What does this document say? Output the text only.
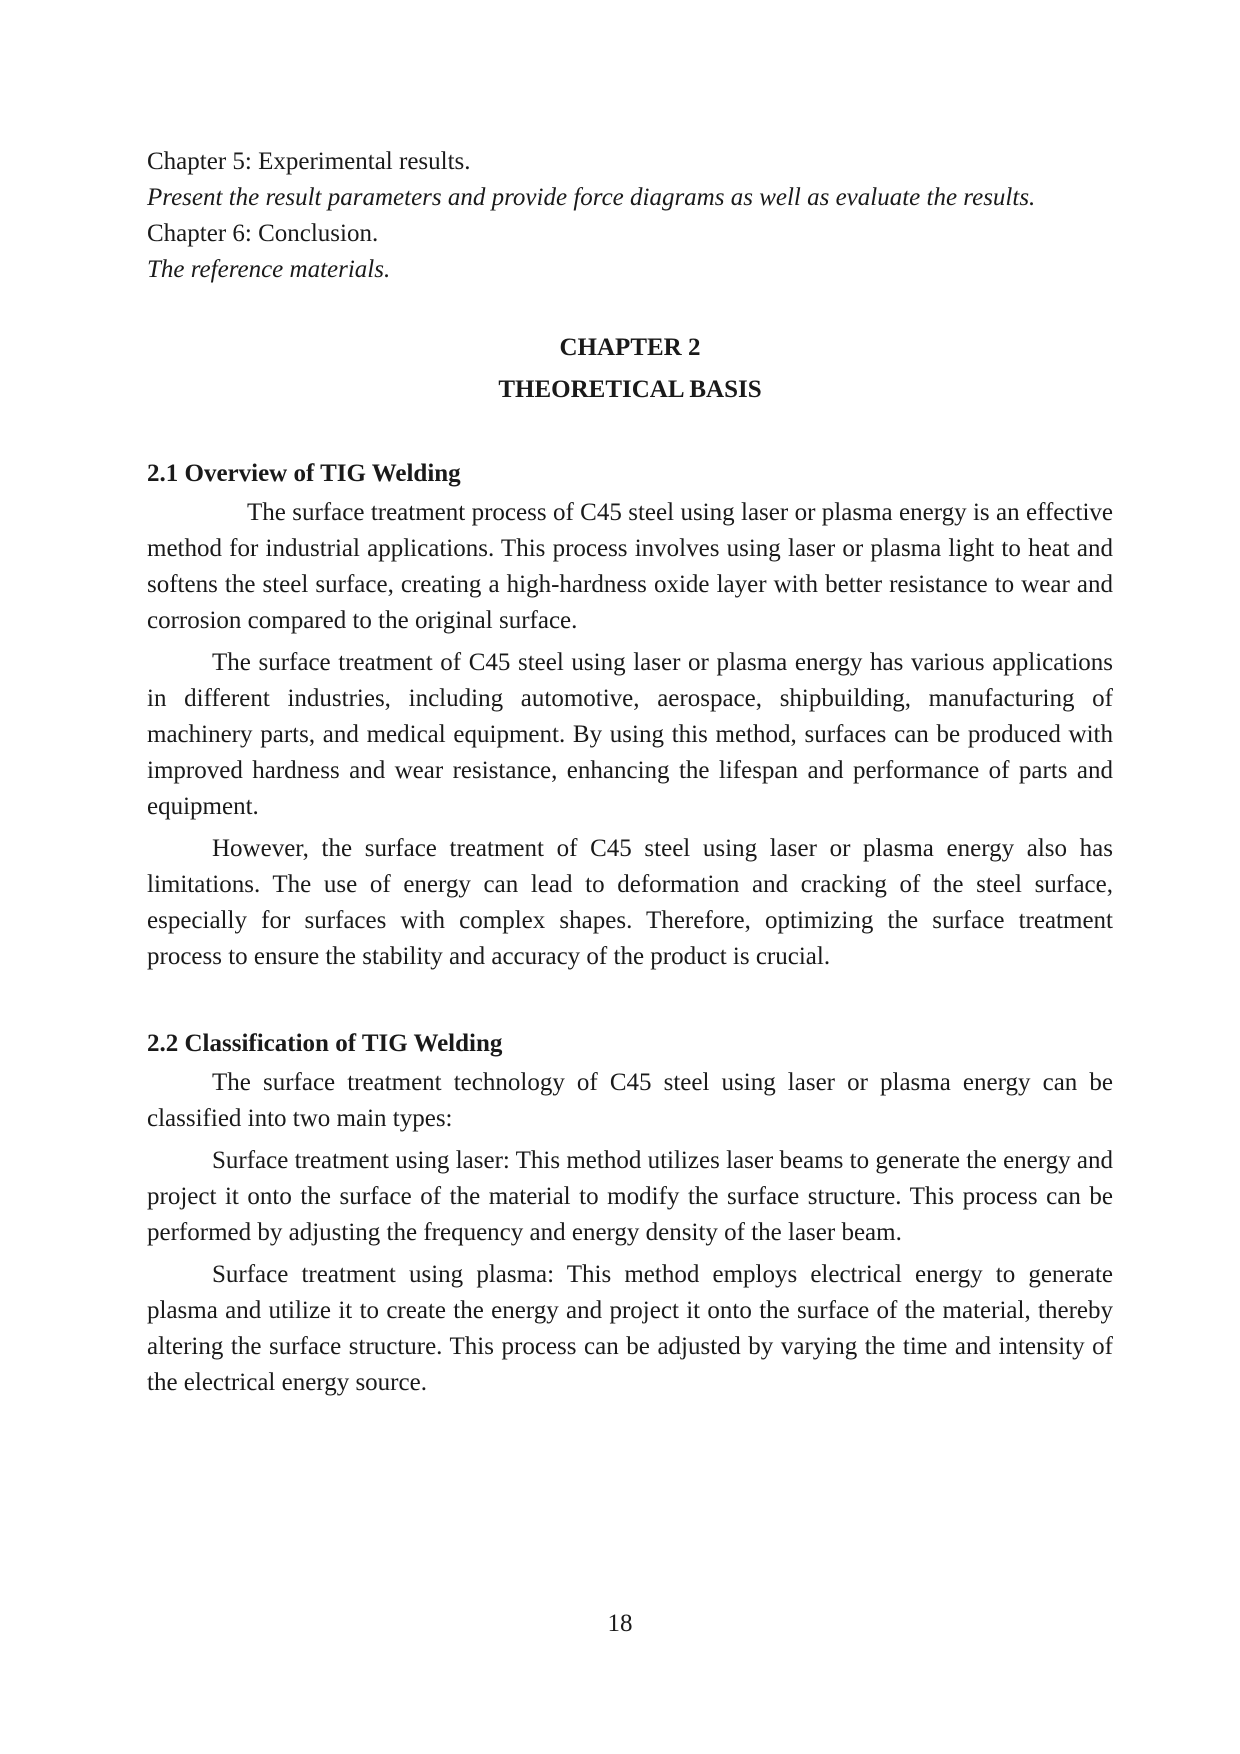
Chapter 5: Experimental results.

Present the result parameters and provide force diagrams as well as evaluate the results.

Chapter 6: Conclusion.

The reference materials.

CHAPTER 2

THEORETICAL BASIS

2.1 Overview of TIG Welding

The surface treatment process of C45 steel using laser or plasma energy is an effective method for industrial applications. This process involves using laser or plasma light to heat and softens the steel surface, creating a high-hardness oxide layer with better resistance to wear and corrosion compared to the original surface.

The surface treatment of C45 steel using laser or plasma energy has various applications in different industries, including automotive, aerospace, shipbuilding, manufacturing of machinery parts, and medical equipment. By using this method, surfaces can be produced with improved hardness and wear resistance, enhancing the lifespan and performance of parts and equipment.

However, the surface treatment of C45 steel using laser or plasma energy also has limitations. The use of energy can lead to deformation and cracking of the steel surface, especially for surfaces with complex shapes. Therefore, optimizing the surface treatment process to ensure the stability and accuracy of the product is crucial.

2.2 Classification of TIG Welding

The surface treatment technology of C45 steel using laser or plasma energy can be classified into two main types:

Surface treatment using laser: This method utilizes laser beams to generate the energy and project it onto the surface of the material to modify the surface structure. This process can be performed by adjusting the frequency and energy density of the laser beam.

Surface treatment using plasma: This method employs electrical energy to generate plasma and utilize it to create the energy and project it onto the surface of the material, thereby altering the surface structure. This process can be adjusted by varying the time and intensity of the electrical energy source.

18
